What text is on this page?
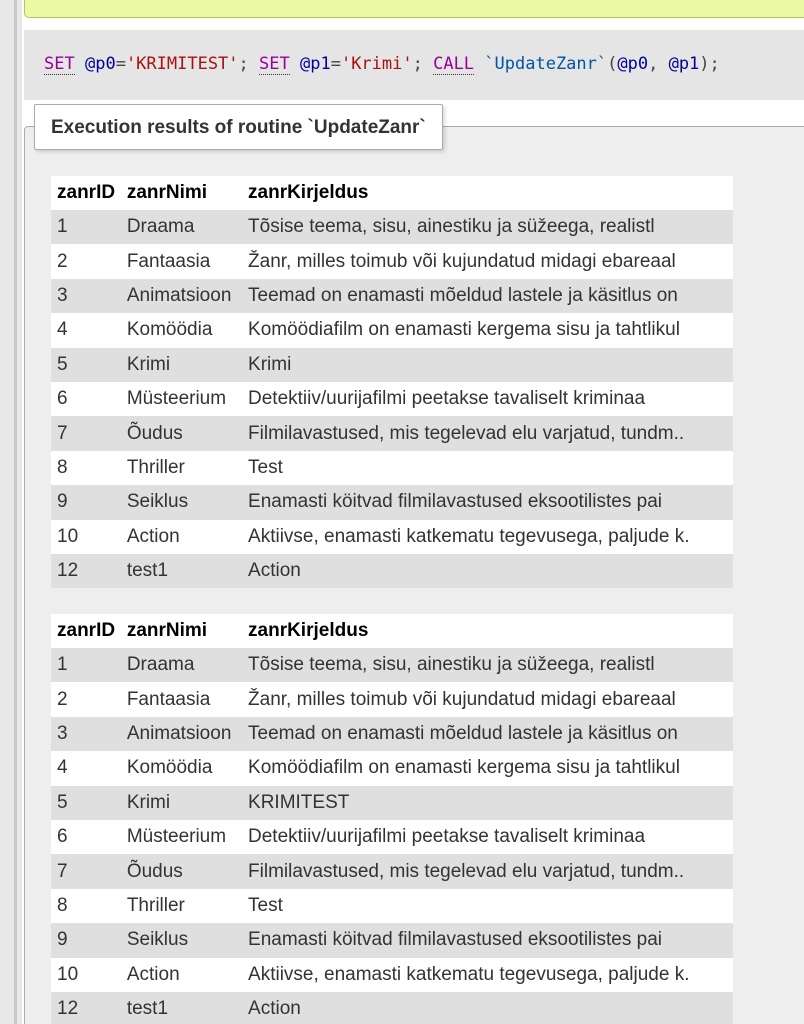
SET @p0='KRIMITEST'; SET @p1='Krimi'; CALL `UpdateZanr`(@p0, @p1);
Execution results of routine `UpdateZanr`
zanrID	zanrNimi	zanrKirjeldus
1	Draama	Tõsise teema, sisu, ainestiku ja süžeega, realistl
2	Fantaasia	Žanr, milles toimub või kujundatud midagi ebareaal
3	Animatsioon	Teemad on enamasti mõeldud lastele ja käsitlus on
4	Komöödia	Komöödiafilm on enamasti kergema sisu ja tahtlikul
5	Krimi	Krimi
6	Müsteerium	Detektiiv/uurijafilmi peetakse tavaliselt kriminaa
7	Õudus	Filmilavastused, mis tegelevad elu varjatud, tundm..
8	Thriller	Test
9	Seiklus	Enamasti köitvad filmilavastused eksootilistes pai
10	Action	Aktiivse, enamasti katkematu tegevusega, paljude k.
12	test1	Action
zanrID	zanrNimi	zanrKirjeldus
1	Draama	Tõsise teema, sisu, ainestiku ja süžeega, realistl
2	Fantaasia	Žanr, milles toimub või kujundatud midagi ebareaal
3	Animatsioon	Teemad on enamasti mõeldud lastele ja käsitlus on
4	Komöödia	Komöödiafilm on enamasti kergema sisu ja tahtlikul
5	Krimi	KRIMITEST
6	Müsteerium	Detektiiv/uurijafilmi peetakse tavaliselt kriminaa
7	Õudus	Filmilavastused, mis tegelevad elu varjatud, tundm..
8	Thriller	Test
9	Seiklus	Enamasti köitvad filmilavastused eksootilistes pai
10	Action	Aktiivse, enamasti katkematu tegevusega, paljude k.
12	test1	Action
